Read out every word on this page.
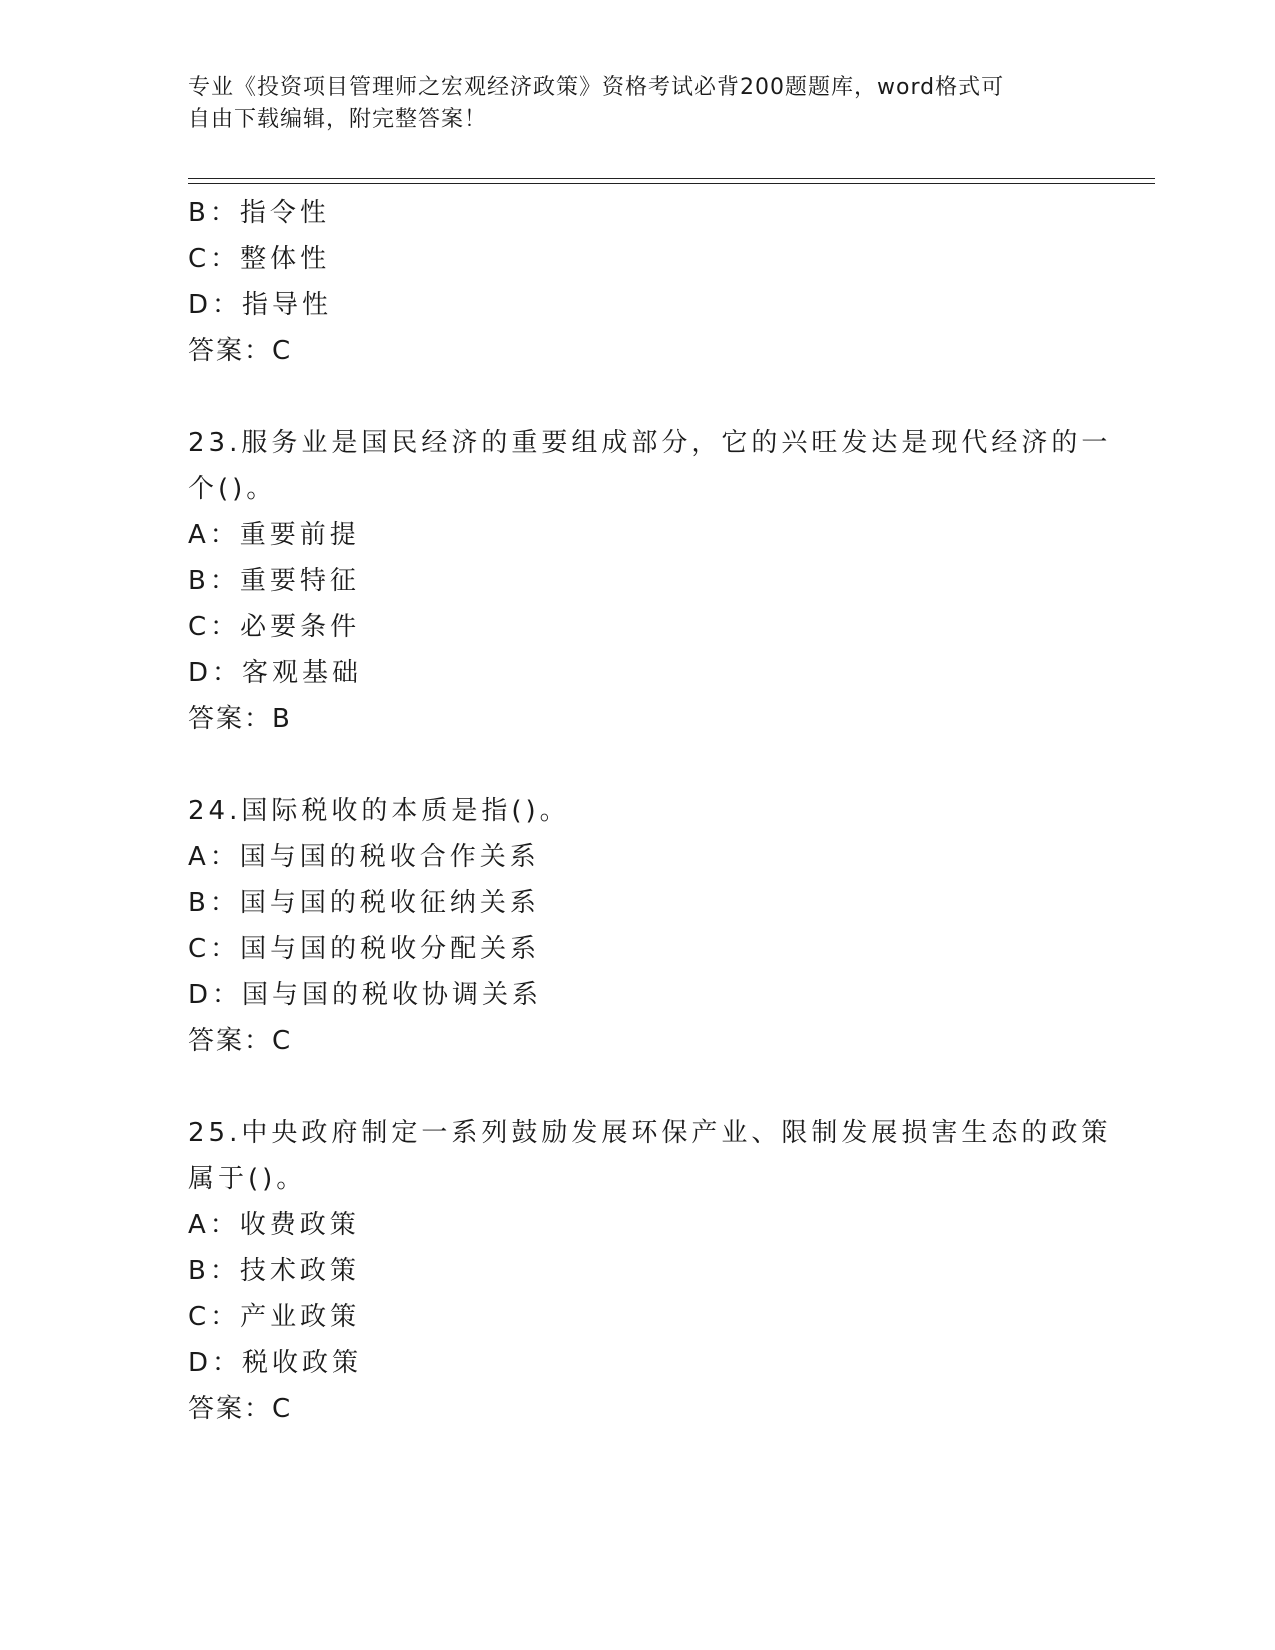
专业《投资项目管理师之宏观经济政策》资格考试必背200题题库，word格式可
自由下载编辑，附完整答案！
B：指令性
C：整体性
D：指导性
答案：C
23.服务业是国民经济的重要组成部分，它的兴旺发达是现代经济的一
个()。
A：重要前提
B：重要特征
C：必要条件
D：客观基础
答案：B
24.国际税收的本质是指()。
A：国与国的税收合作关系
B：国与国的税收征纳关系
C：国与国的税收分配关系
D：国与国的税收协调关系
答案：C
25.中央政府制定一系列鼓励发展环保产业、限制发展损害生态的政策
属于()。
A：收费政策
B：技术政策
C：产业政策
D：税收政策
答案：C
